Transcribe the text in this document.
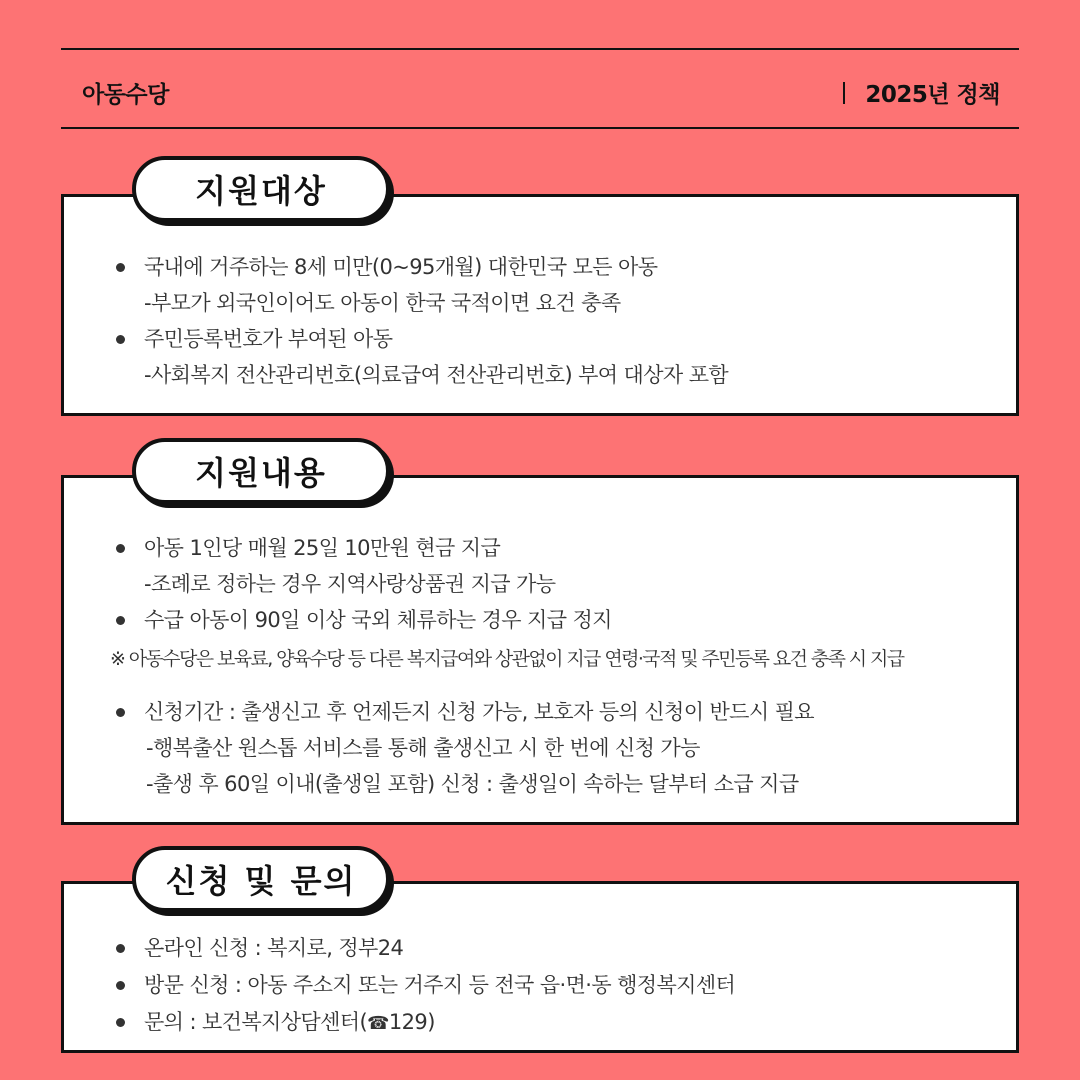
아동수당	2025년 정책
지원대상
국내에 거주하는 8세 미만(0~95개월) 대한민국 모든 아동
-부모가 외국인이어도 아동이 한국 국적이면 요건 충족
주민등록번호가 부여된 아동
-사회복지 전산관리번호(의료급여 전산관리번호) 부여 대상자 포함
지원내용
아동 1인당 매월 25일 10만원 현금 지급
-조례로 정하는 경우 지역사랑상품권 지급 가능
수급 아동이 90일 이상 국외 체류하는 경우 지급 정지
※ 아동수당은 보육료, 양육수당 등 다른 복지급여와 상관없이 지급 연령·국적 및 주민등록 요건 충족 시 지급
신청기간 : 출생신고 후 언제든지 신청 가능, 보호자 등의 신청이 반드시 필요
-행복출산 원스톱 서비스를 통해 출생신고 시 한 번에 신청 가능
-출생 후 60일 이내(출생일 포함) 신청 : 출생일이 속하는 달부터 소급 지급
신청 및 문의
온라인 신청 : 복지로, 정부24
방문 신청 : 아동 주소지 또는 거주지 등 전국 읍·면·동 행정복지센터
문의 : 보건복지상담센터(☎129)
